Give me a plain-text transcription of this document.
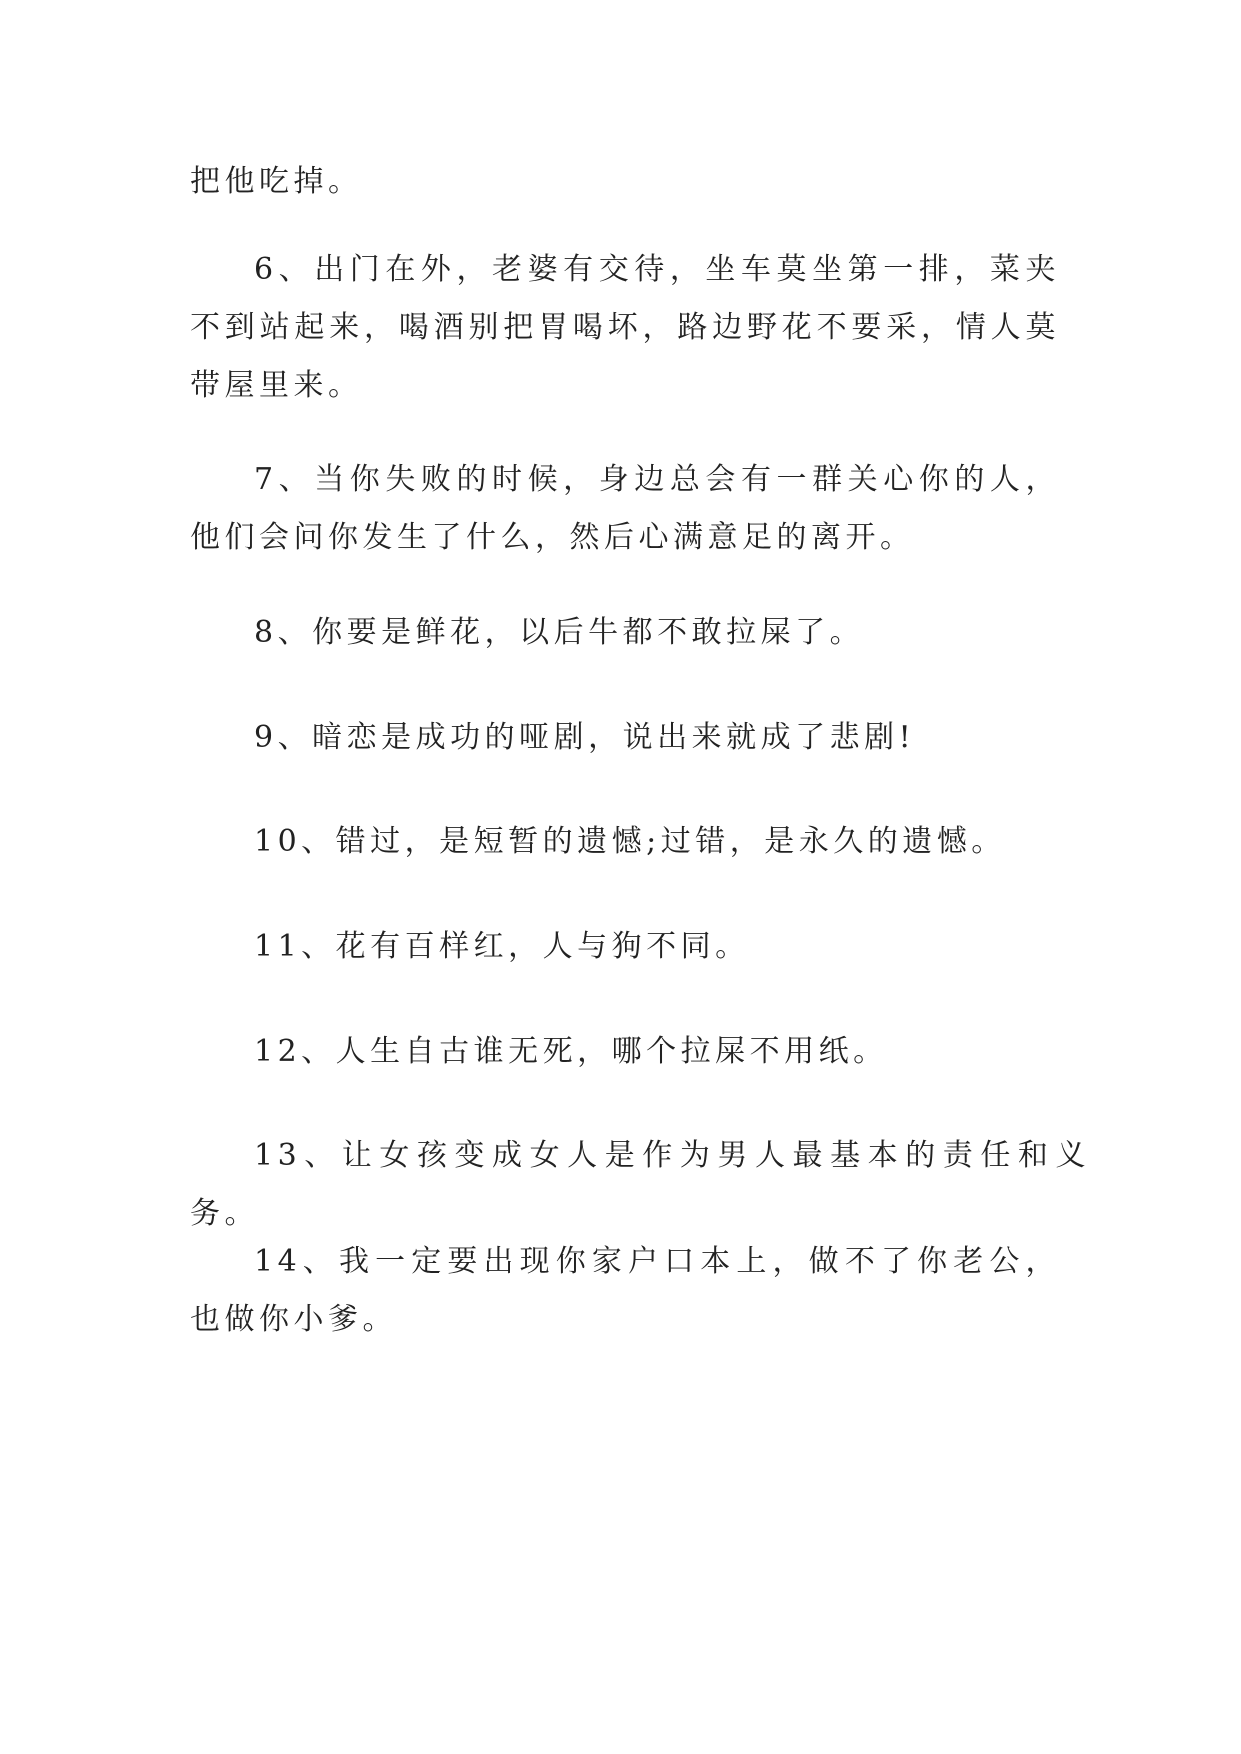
把他吃掉。

6、出门在外，老婆有交待，坐车莫坐第一排，菜夹不到站起来，喝酒别把胃喝坏，路边野花不要采，情人莫带屋里来。

7、当你失败的时候，身边总会有一群关心你的人，他们会问你发生了什么，然后心满意足的离开。

8、你要是鲜花，以后牛都不敢拉屎了。

9、暗恋是成功的哑剧，说出来就成了悲剧!

10、错过，是短暂的遗憾;过错，是永久的遗憾。

11、花有百样红，人与狗不同。

12、人生自古谁无死，哪个拉屎不用纸。

13、让女孩变成女人是作为男人最基本的责任和义务。

14、我一定要出现你家户口本上，做不了你老公，也做你小爹。
